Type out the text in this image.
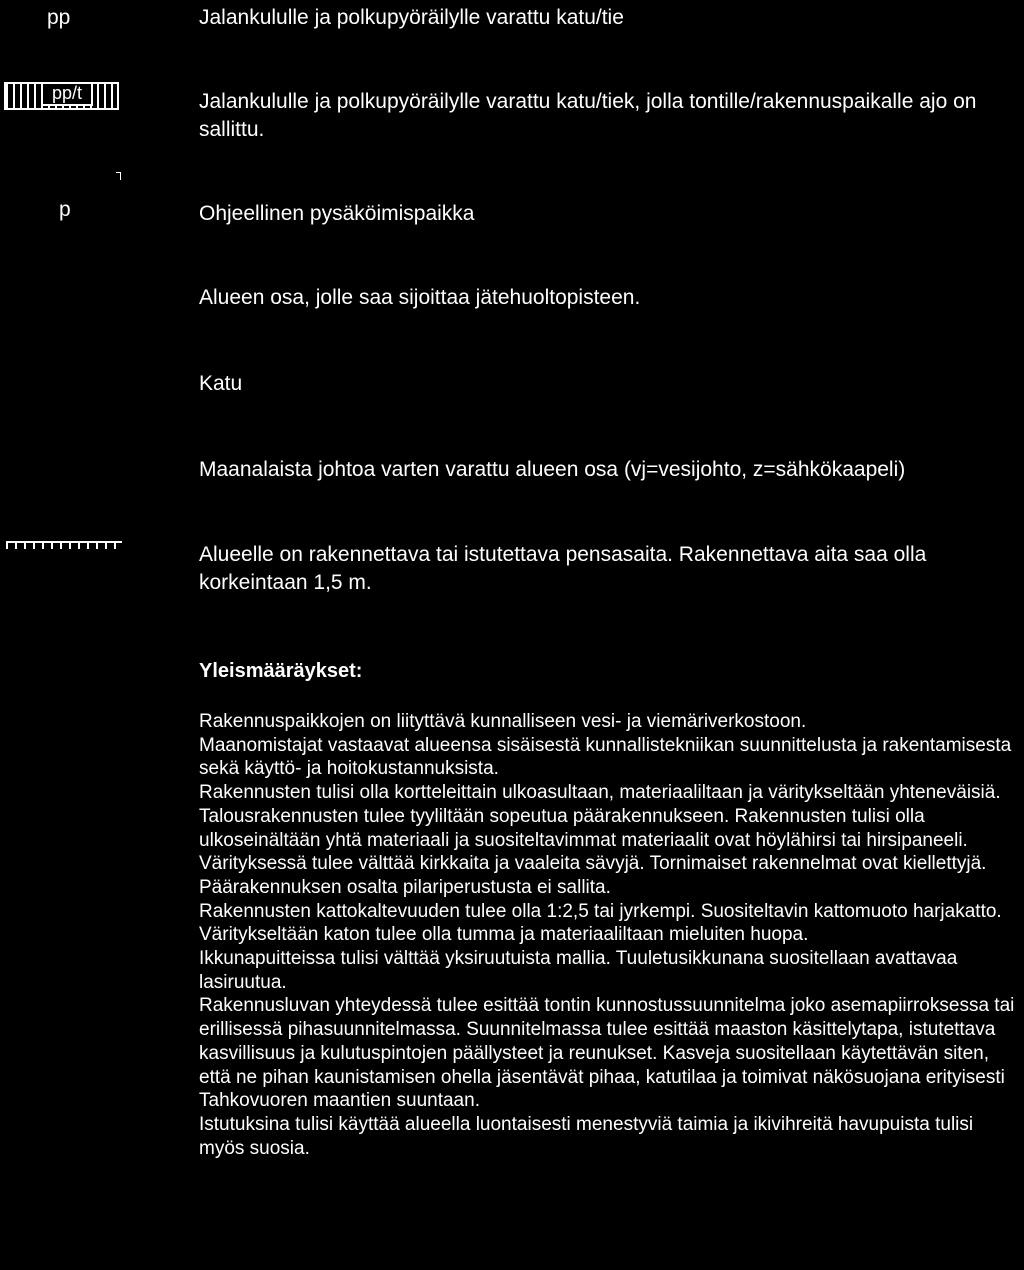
pp	Jalankululle ja polkupyöräilylle varattu katu/tie
pp/t	Jalankululle ja polkupyöräilylle varattu katu/tiek, jolla tontille/rakennuspaikalle ajo on sallittu.
p	Ohjeellinen pysäköimispaikka
Alueen osa, jolle saa sijoittaa jätehuoltopisteen.
Katu
Maanalaista johtoa varten varattu alueen osa (vj=vesijohto, z=sähkökaapeli)
Alueelle on rakennettava tai istutettava pensasaita. Rakennettava aita saa olla korkeintaan 1,5 m.
Yleismääräykset:

Rakennuspaikkojen on liityttävä kunnalliseen vesi- ja viemäriverkostoon.

Maanomistajat vastaavat alueensa sisäisestä kunnallistekniikan suunnittelusta ja rakentamisesta sekä käyttö- ja hoitokustannuksista.

Rakennusten tulisi olla kortteleittain ulkoasultaan, materiaaliltaan ja väritykseltään yhteneväisiä.

Talousrakennusten tulee tyyliltään sopeutua päärakennukseen. Rakennusten tulisi olla ulkoseinältään yhtä materiaali ja suositeltavimmat materiaalit ovat höylähirsi tai hirsipaneeli. Värityksessä tulee välttää kirkkaita ja vaaleita sävyjä. Tornimaiset rakennelmat ovat kiellettyjä. Päärakennuksen osalta pilariperustusta ei sallita.

Rakennusten kattokaltevuuden tulee olla 1:2,5 tai jyrkempi. Suositeltavin kattomuoto harjakatto. Väritykseltään katon tulee olla tumma ja materiaaliltaan mieluiten huopa.

Ikkunapuitteissa tulisi välttää yksiruutuista mallia. Tuuletusikkunana suositellaan avattavaa lasiruutua.

Rakennusluvan yhteydessä tulee esittää tontin kunnostussuunnitelma joko asemapiirroksessa tai erillisessä pihasuunnitelmassa. Suunnitelmassa tulee esittää maaston käsittelytapa, istutettava kasvillisuus ja kulutuspintojen päällysteet ja reunukset. Kasveja suositellaan käytettävän siten, että ne pihan kaunistamisen ohella jäsentävät pihaa, katutilaa ja toimivat näkösuojana erityisesti Tahkovuoren maantien suuntaan.

Istutuksina tulisi käyttää alueella luontaisesti menestyviä taimia ja ikivihreitä havupuista tulisi myös suosia.
